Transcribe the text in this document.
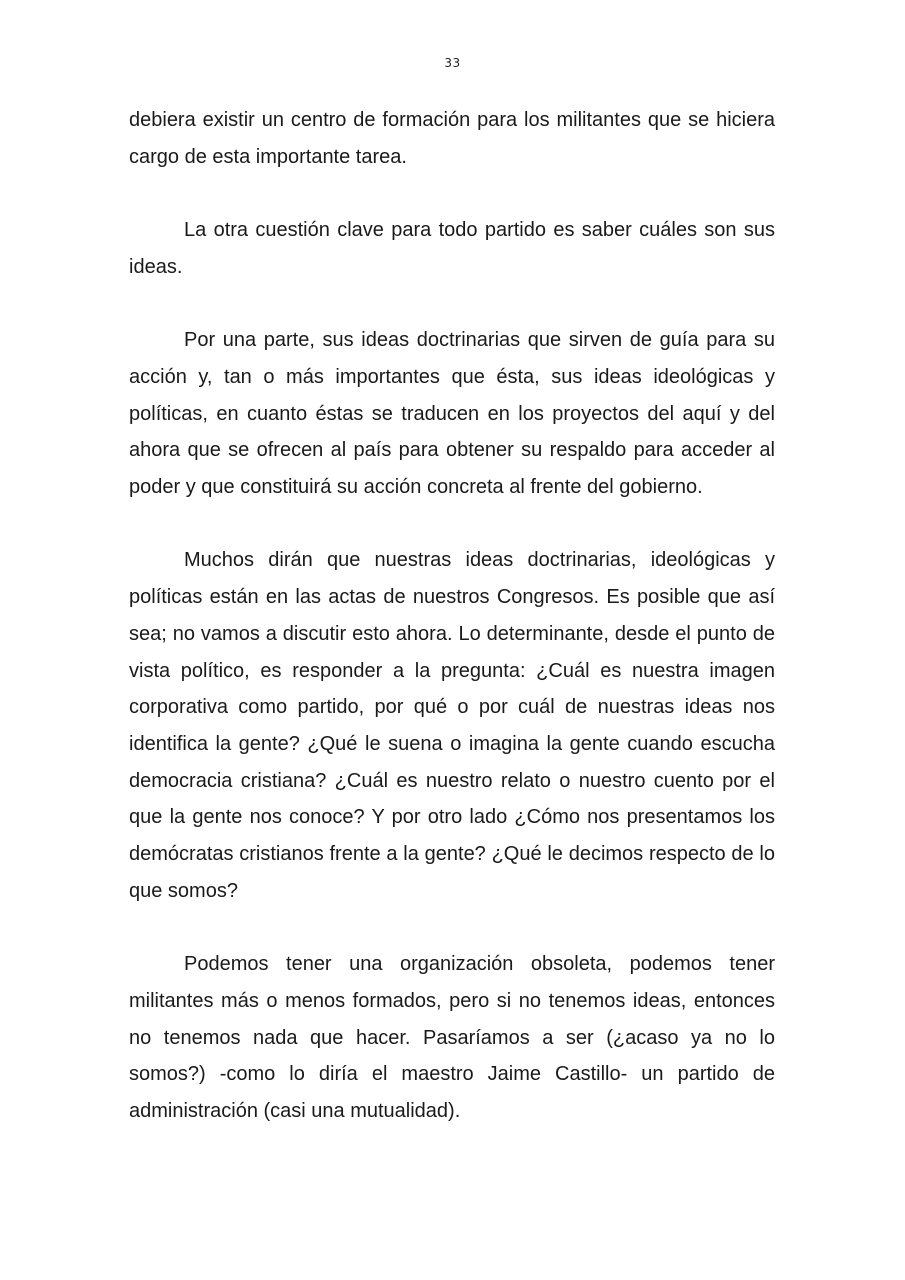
33

debiera existir un centro de formación para los militantes que se hiciera cargo de esta importante tarea.

La otra cuestión clave para todo partido es saber cuáles son sus ideas.

Por una parte, sus ideas doctrinarias que sirven de guía para su acción y, tan o más importantes que ésta, sus ideas ideológicas y políticas, en cuanto éstas se traducen en los proyectos del aquí y del ahora que se ofrecen al país para obtener su respaldo para acceder al poder y que constituirá su acción concreta al frente del gobierno.

Muchos dirán que nuestras ideas doctrinarias, ideológicas y políticas están en las actas de nuestros Congresos. Es posible que así sea; no vamos a discutir esto ahora. Lo determinante, desde el punto de vista político, es responder a la pregunta: ¿Cuál es nuestra imagen corporativa como partido, por qué o por cuál de nuestras ideas nos identifica la gente? ¿Qué le suena o imagina la gente cuando escucha democracia cristiana? ¿Cuál es nuestro relato o nuestro cuento por el que la gente nos conoce? Y por otro lado ¿Cómo nos presentamos los demócratas cristianos frente a la gente? ¿Qué le decimos respecto de lo que somos?

Podemos tener una organización obsoleta, podemos tener militantes más o menos formados, pero si no tenemos ideas, entonces no tenemos nada que hacer. Pasaríamos a ser (¿acaso ya no lo somos?) -como lo diría el maestro Jaime Castillo- un partido de administración (casi una mutualidad).
